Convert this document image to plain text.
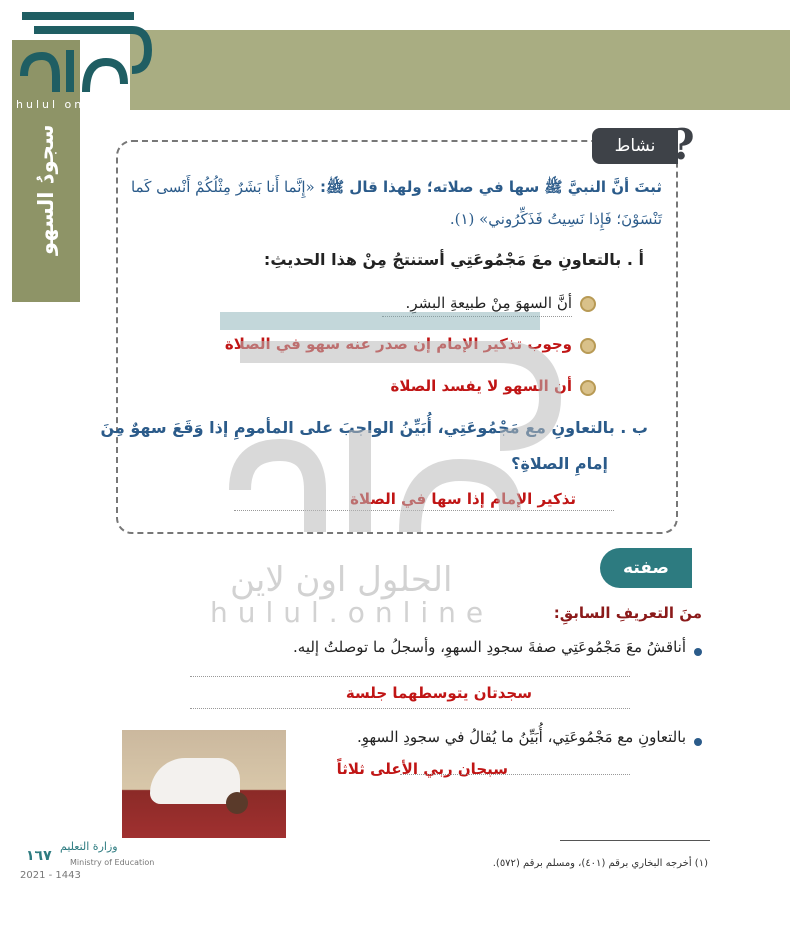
سجودُ السهو
hulul online
نشاط ?
ثبتَ أنَّ النبيَّ ﷺ سها في صلاته؛ ولهذا قال ﷺ: «إِنَّما أَنا بَشَرٌ مِثْلُكُمْ أَنْسى كَما
تَنْسَوْنَ؛ فَإِذا نَسِيتُ فَذَكِّرُوني» (١).
أ . بالتعاونِ معَ مَجْمُوعَتِي أستنتجُ مِنْ هذا الحديثِ:
أنَّ السهوَ مِنْ طبيعةِ البشرِ.
وجوب تذكير الإمام إن صدر عنه سهو في الصلاة
أن السهو لا يفسد الصلاة
ب . بالتعاونِ مع مَجْمُوعَتِي، أُبَيِّنُ الواجبَ على المأمومِ إذا وَقَعَ سهوٌ مِنَ
إمامِ الصلاةِ؟
تذكير الإمام إذا سها في الصلاة
صفته
منَ التعريفِ السابقِ:
أناقشُ معَ مَجْمُوعَتِي صفةَ سجودِ السهوِ، وأسجلُ ما توصلتُ إليه.
سجدتان يتوسطهما جلسة
بالتعاونِ مع مَجْمُوعَتِي، أُبَيِّنُ ما يُقالُ في سجودِ السهوِ.
سبحان ربي الأعلى ثلاثاً
١٦٧
وزارة التعليم
Ministry of Education
2021 - 1443
(١) أخرجه البخاري برقم (٤٠١)، ومسلم برقم (٥٧٢).
الحلول اون لاين
hulul.online
